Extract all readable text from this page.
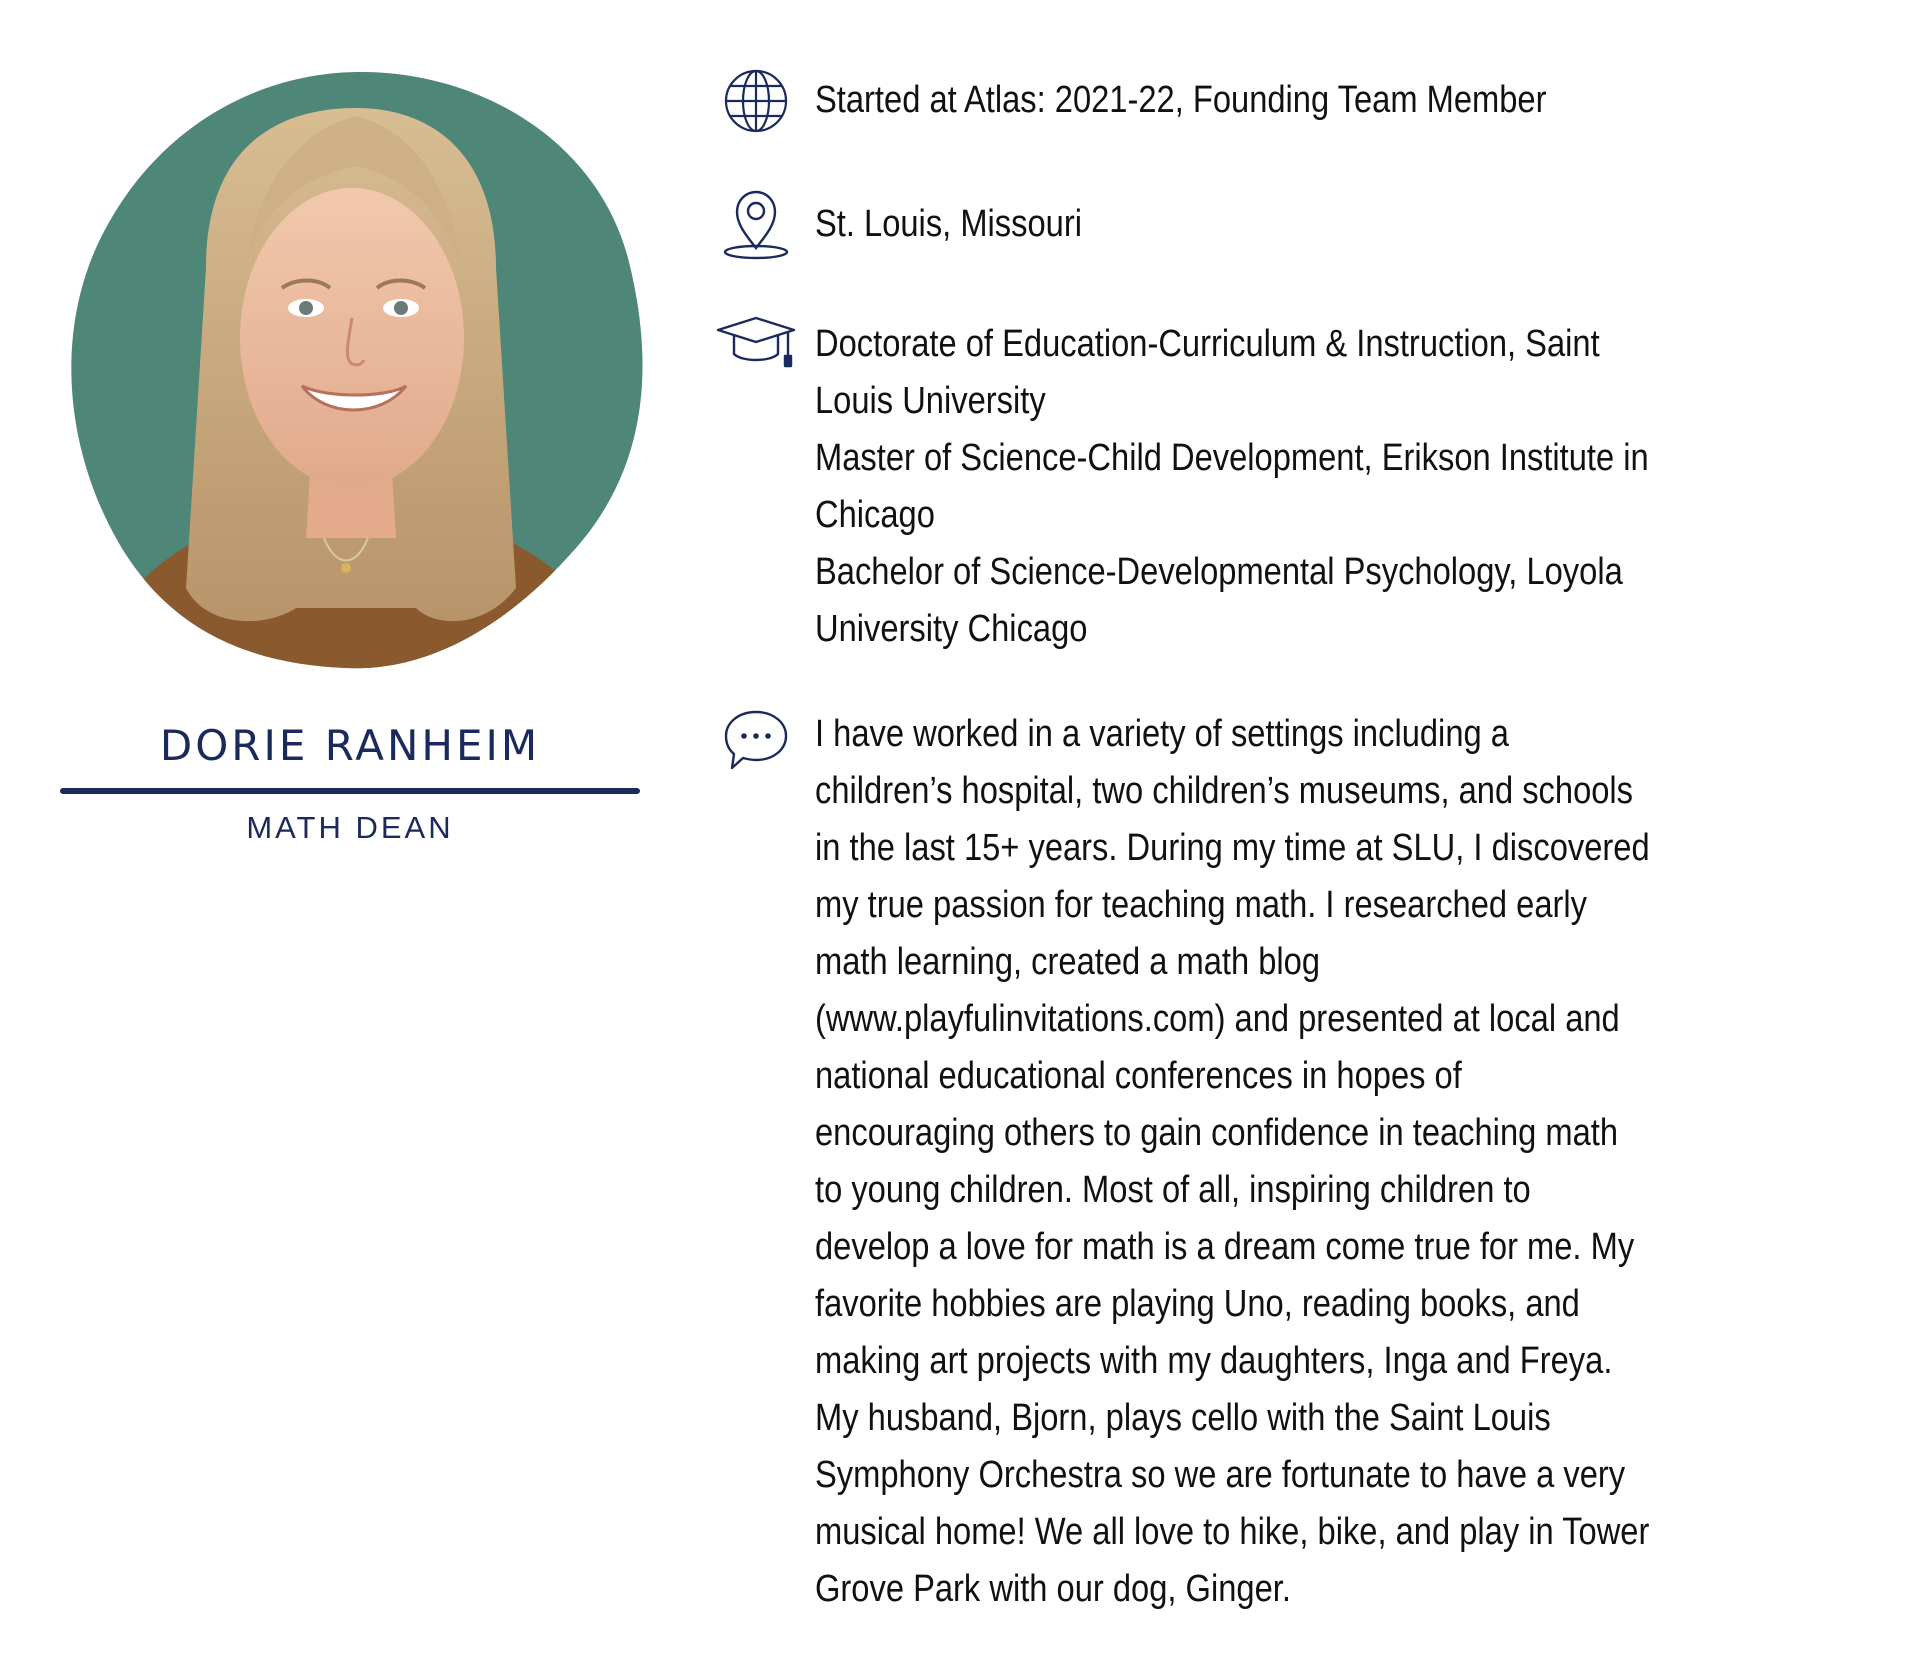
DORIE RANHEIM
MATH DEAN
Started at Atlas: 2021-22, Founding Team Member
St. Louis, Missouri
Doctorate of Education-Curriculum & Instruction, Saint
Louis University
Master of Science-Child Development, Erikson Institute in
Chicago
Bachelor of Science-Developmental Psychology, Loyola
University Chicago
I have worked in a variety of settings including a
children’s hospital, two children’s museums, and schools
in the last 15+ years. During my time at SLU, I discovered
my true passion for teaching math. I researched early
math learning, created a math blog
(www.playfulinvitations.com) and presented at local and
national educational conferences in hopes of
encouraging others to gain confidence in teaching math
to young children. Most of all, inspiring children to
develop a love for math is a dream come true for me. My
favorite hobbies are playing Uno, reading books, and
making art projects with my daughters, Inga and Freya.
My husband, Bjorn, plays cello with the Saint Louis
Symphony Orchestra so we are fortunate to have a very
musical home! We all love to hike, bike, and play in Tower
Grove Park with our dog, Ginger.
